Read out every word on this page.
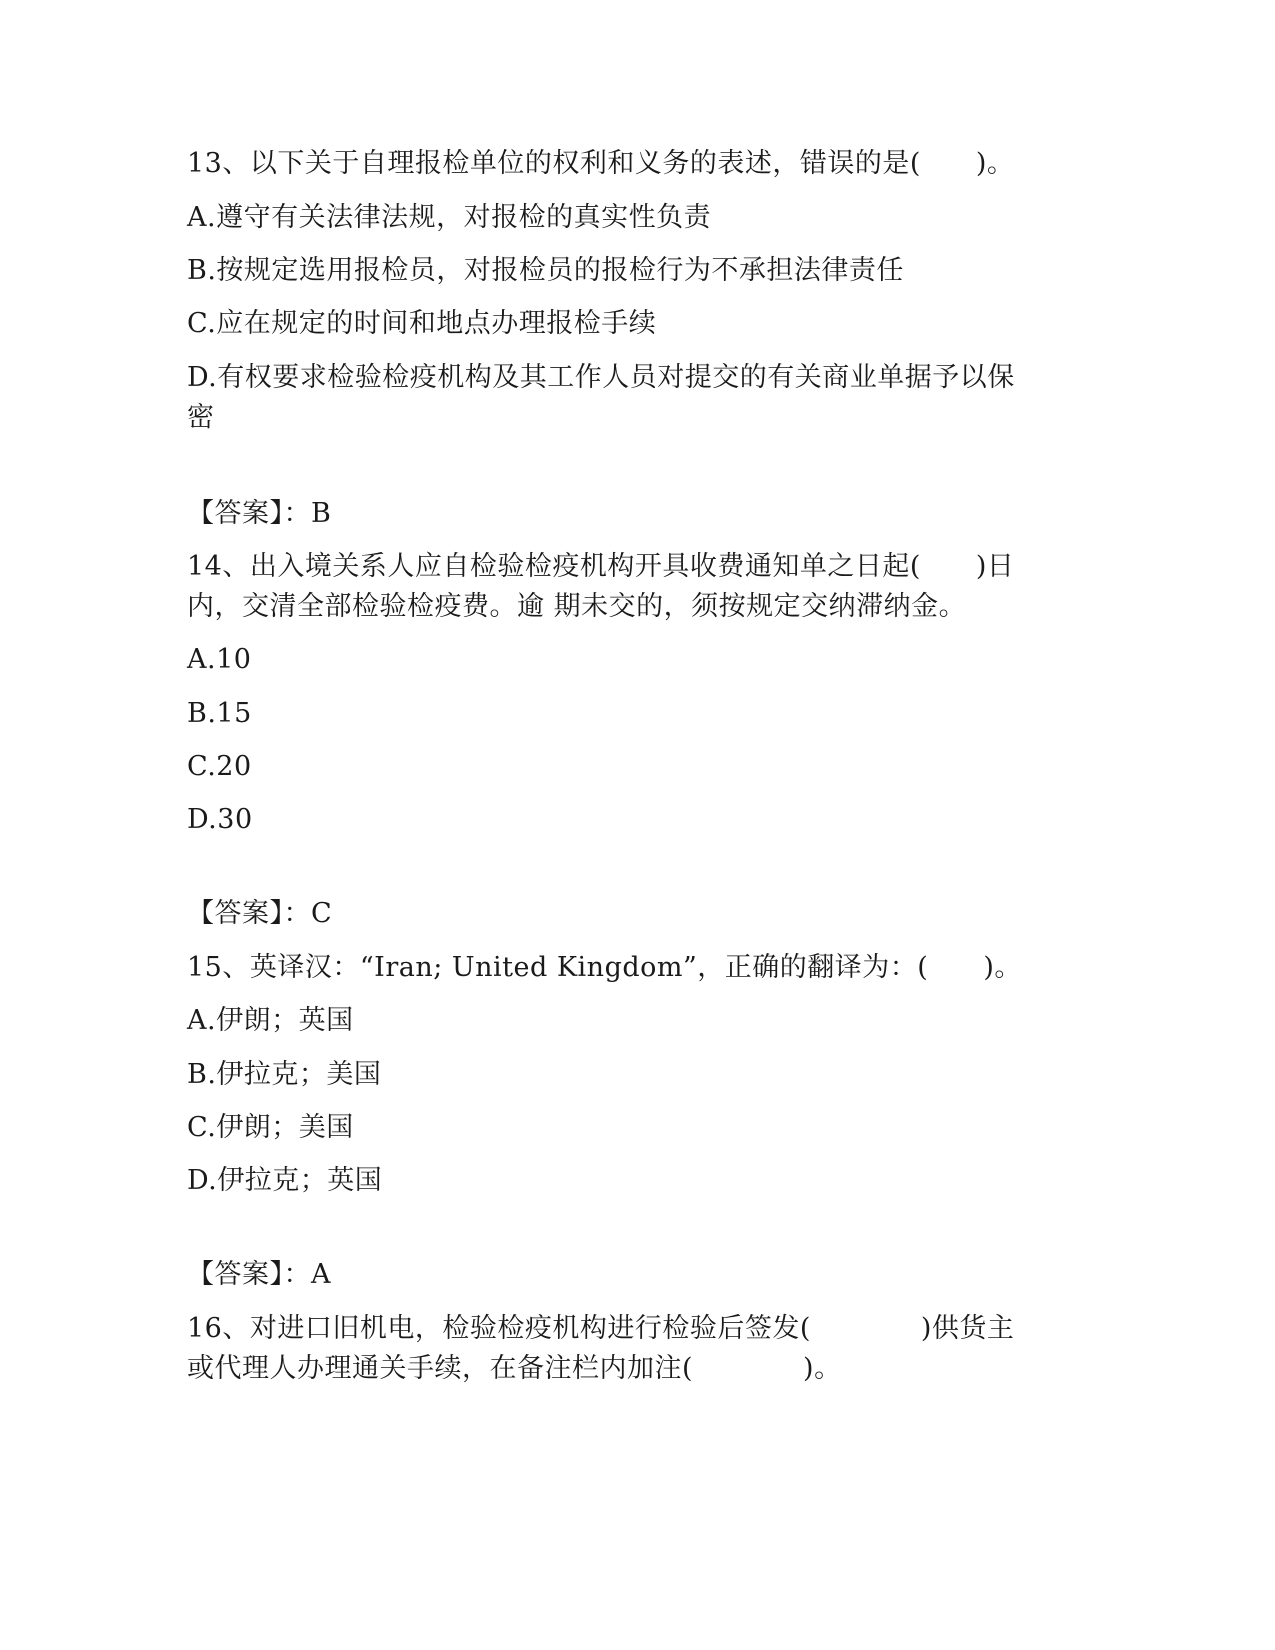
13、以下关于自理报检单位的权利和义务的表述，错误的是(　　)。
A.遵守有关法律法规，对报检的真实性负责
B.按规定选用报检员，对报检员的报检行为不承担法律责任
C.应在规定的时间和地点办理报检手续
D.有权要求检验检疫机构及其工作人员对提交的有关商业单据予以保
密
【答案】：B
14、出入境关系人应自检验检疫机构开具收费通知单之日起(　　)日
内，交清全部检验检疫费。逾 期未交的，须按规定交纳滞纳金。
A.10
B.15
C.20
D.30
【答案】：C
15、英译汉：“Iran; United Kingdom”，正确的翻译为：(　　)。
A.伊朗；英国
B.伊拉克；美国
C.伊朗；美国
D.伊拉克；英国
【答案】：A
16、对进口旧机电，检验检疫机构进行检验后签发(　　　　)供货主
或代理人办理通关手续，在备注栏内加注(　　　　)。
